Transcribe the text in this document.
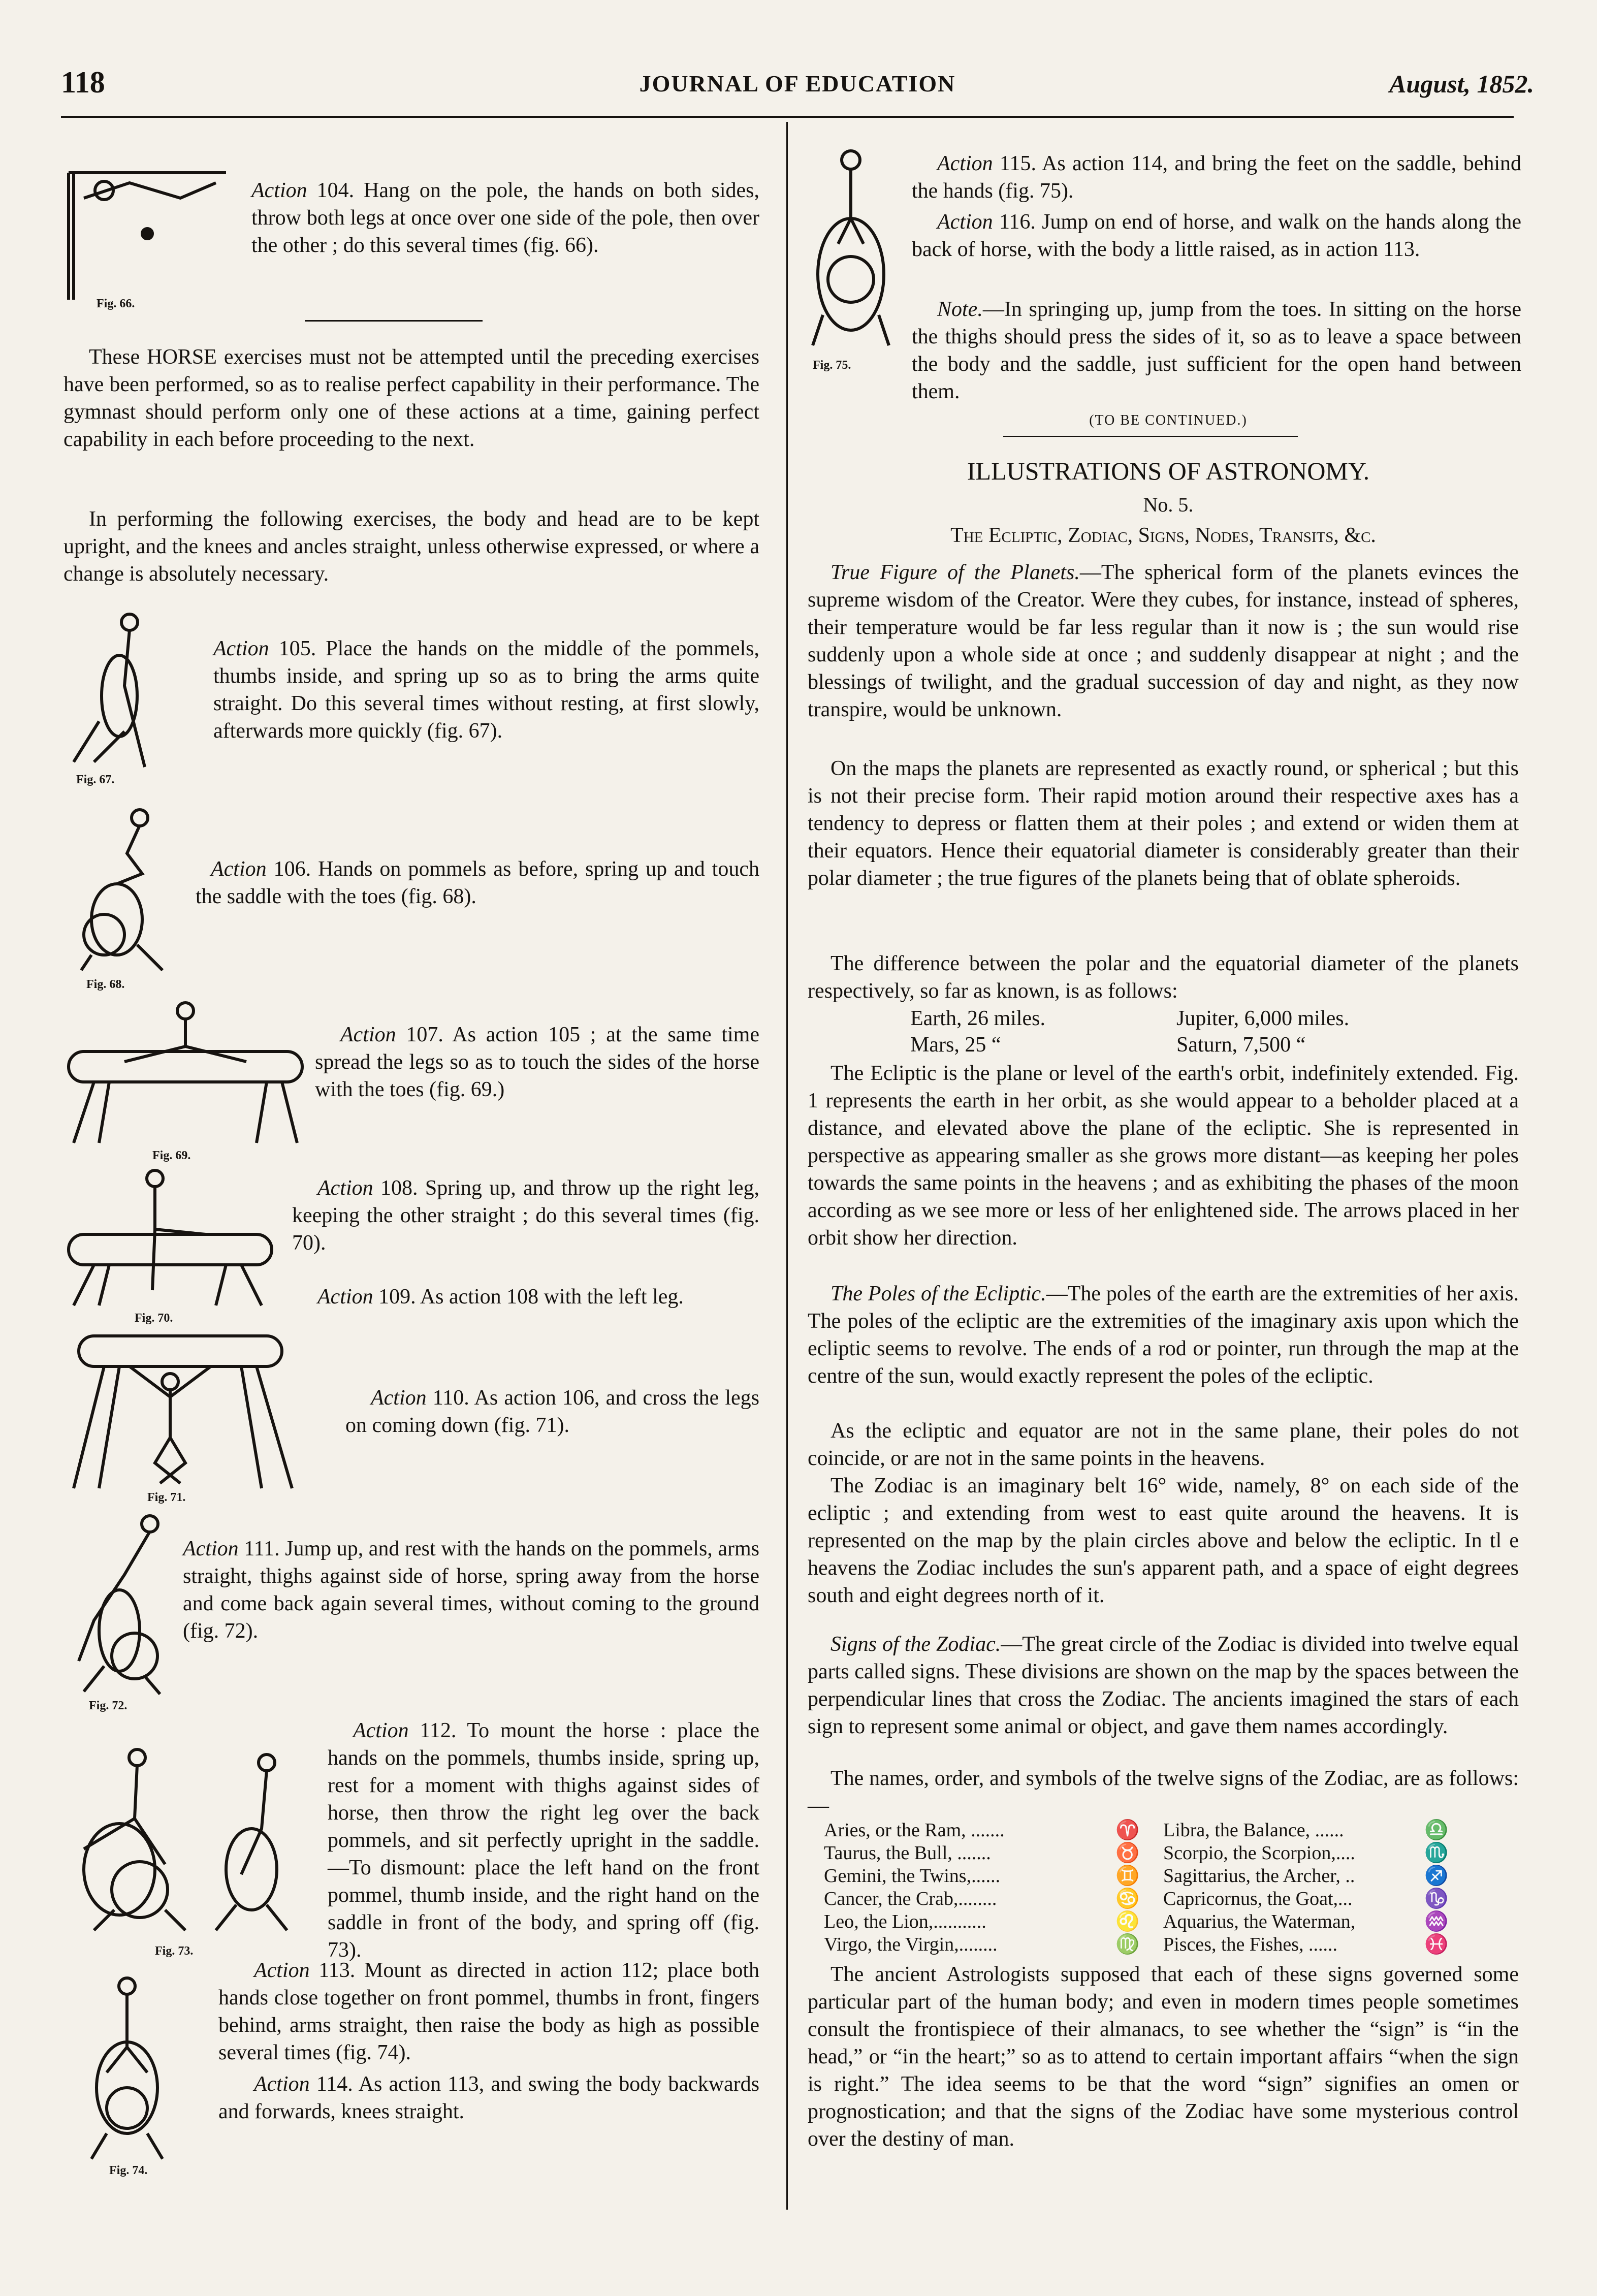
118	JOURNAL OF EDUCATION	August, 1852.
Fig. 66.
Action 104. Hang on the pole, the hands on both sides, throw both legs at once over one side of the pole, then over the other ; do this several times (fig. 66).
These HORSE exercises must not be attempted until the preceding exercises have been performed, so as to realise perfect capability in their performance. The gymnast should perform only one of these actions at a time, gaining perfect capability in each before proceeding to the next.
In performing the following exercises, the body and head are to be kept upright, and the knees and ancles straight, unless otherwise expressed, or where a change is absolutely necessary.
Fig. 67.
Action 105. Place the hands on the middle of the pommels, thumbs inside, and spring up so as to bring the arms quite straight. Do this several times without resting, at first slowly, afterwards more quickly (fig. 67).
Fig. 68.
Action 106. Hands on pommels as before, spring up and touch the saddle with the toes (fig. 68).
Fig. 69.
Action 107. As action 105 ; at the same time spread the legs so as to touch the sides of the horse with the toes (fig. 69.)
Fig. 70.
Action 108. Spring up, and throw up the right leg, keeping the other straight ; do this several times (fig. 70).
Action 109. As action 108 with the left leg.
Fig. 71.
Action 110. As action 106, and cross the legs on coming down (fig. 71).
Fig. 72.
Action 111. Jump up, and rest with the hands on the pommels, arms straight, thighs against side of horse, spring away from the horse and come back again several times, without coming to the ground (fig. 72).
Fig. 73.
Action 112. To mount the horse : place the hands on the pommels, thumbs inside, spring up, rest for a moment with thighs against sides of horse, then throw the right leg over the back pommels, and sit perfectly upright in the saddle.—To dismount: place the left hand on the front pommel, thumb inside, and the right hand on the saddle in front of the body, and spring off (fig. 73).
Fig. 74.
Action 113. Mount as directed in action 112; place both hands close together on front pommel, thumbs in front, fingers behind, arms straight, then raise the body as high as possible several times (fig. 74).
Action 114. As action 113, and swing the body backwards and forwards, knees straight.
Fig. 75.
Action 115. As action 114, and bring the feet on the saddle, behind the hands (fig. 75).
Action 116. Jump on end of horse, and walk on the hands along the back of horse, with the body a little raised, as in action 113.
Note.—In springing up, jump from the toes. In sitting on the horse the thighs should press the sides of it, so as to leave a space between the body and the saddle, just sufficient for the open hand between them.
(TO BE CONTINUED.)
ILLUSTRATIONS OF ASTRONOMY.
No. 5.
The Ecliptic, Zodiac, Signs, Nodes, Transits, &c.
True Figure of the Planets.—The spherical form of the planets evinces the supreme wisdom of the Creator. Were they cubes, for instance, instead of spheres, their temperature would be far less regular than it now is ; the sun would rise suddenly upon a whole side at once ; and suddenly disappear at night ; and the blessings of twilight, and the gradual succession of day and night, as they now transpire, would be unknown.
On the maps the planets are represented as exactly round, or spherical ; but this is not their precise form. Their rapid motion around their respective axes has a tendency to depress or flatten them at their poles ; and extend or widen them at their equators. Hence their equatorial diameter is considerably greater than their polar diameter ; the true figures of the planets being that of oblate spheroids.
The difference between the polar and the equatorial diameter of the planets respectively, so far as known, is as follows:
Earth, 26 miles.	Jupiter, 6,000 miles.
Mars, 25 “	Saturn, 7,500 “
The Ecliptic is the plane or level of the earth's orbit, indefinitely extended. Fig. 1 represents the earth in her orbit, as she would appear to a beholder placed at a distance, and elevated above the plane of the ecliptic. She is represented in perspective as appearing smaller as she grows more distant—as keeping her poles towards the same points in the heavens ; and as exhibiting the phases of the moon according as we see more or less of her enlightened side. The arrows placed in her orbit show her direction.
The Poles of the Ecliptic.—The poles of the earth are the extremities of her axis. The poles of the ecliptic are the extremities of the imaginary axis upon which the ecliptic seems to revolve. The ends of a rod or pointer, run through the map at the centre of the sun, would exactly represent the poles of the ecliptic.
As the ecliptic and equator are not in the same plane, their poles do not coincide, or are not in the same points in the heavens.
The Zodiac is an imaginary belt 16° wide, namely, 8° on each side of the ecliptic ; and extending from west to east quite around the heavens. It is represented on the map by the plain circles above and below the ecliptic. In tl e heavens the Zodiac includes the sun's apparent path, and a space of eight degrees south and eight degrees north of it.
Signs of the Zodiac.—The great circle of the Zodiac is divided into twelve equal parts called signs. These divisions are shown on the map by the spaces between the perpendicular lines that cross the Zodiac. The ancients imagined the stars of each sign to represent some animal or object, and gave them names accordingly.
The names, order, and symbols of the twelve signs of the Zodiac, are as follows:—
Aries, or the Ram, .......	♈	Libra, the Balance, ......	♎
Taurus, the Bull, .......	♉	Scorpio, the Scorpion,....	♏
Gemini, the Twins,......	♊	Sagittarius, the Archer, ..	♐
Cancer, the Crab,........	♋	Capricornus, the Goat,...	♑
Leo, the Lion,...........	♌	Aquarius, the Waterman,	♒
Virgo, the Virgin,........	♍	Pisces, the Fishes, ......	♓
The ancient Astrologists supposed that each of these signs governed some particular part of the human body; and even in modern times people sometimes consult the frontispiece of their almanacs, to see whether the “sign” is “in the head,” or “in the heart;” so as to attend to certain important affairs “when the sign is right.” The idea seems to be that the word “sign” signifies an omen or prognostication; and that the signs of the Zodiac have some mysterious control over the destiny of man.
